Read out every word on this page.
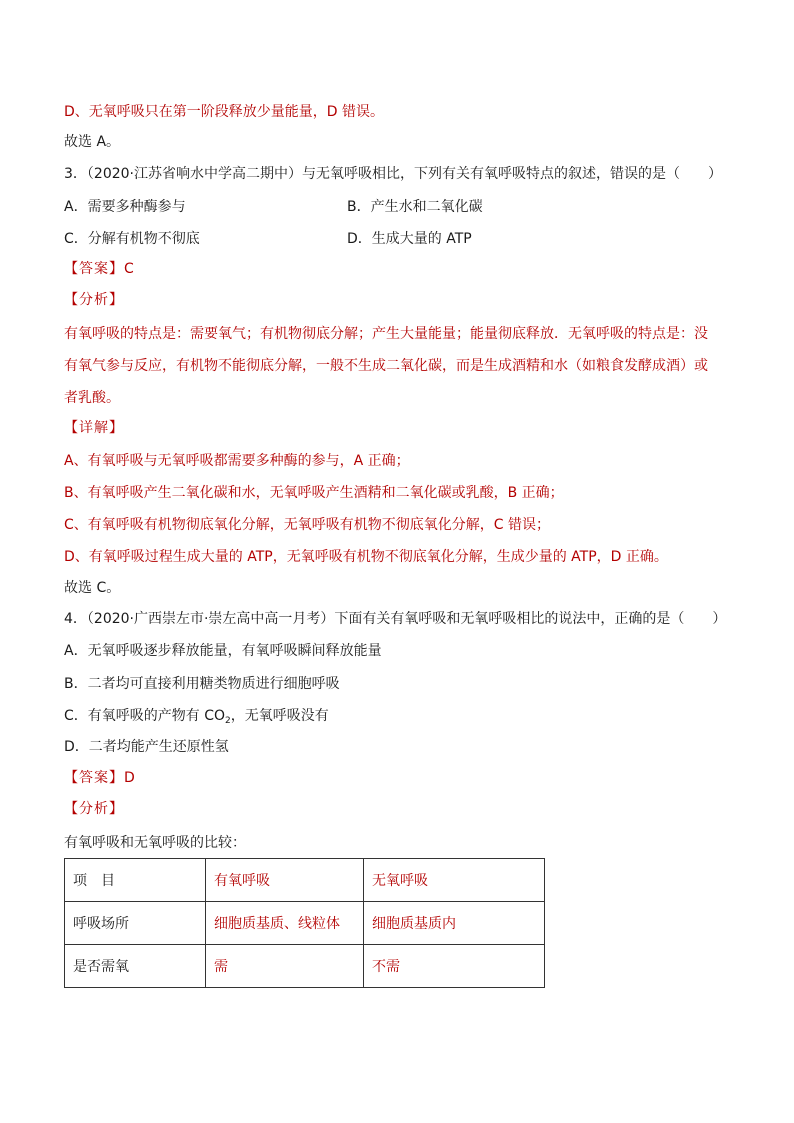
D、无氧呼吸只在第一阶段释放少量能量，D 错误。
故选 A。
3．（2020·江苏省响水中学高二期中）与无氧呼吸相比，下列有关有氧呼吸特点的叙述，错误的是（　　）
A．需要多种酶参与	B．产生水和二氧化碳
C．分解有机物不彻底	D．生成大量的 ATP
【答案】C
【分析】
有氧呼吸的特点是：需要氧气；有机物彻底分解；产生大量能量；能量彻底释放．无氧呼吸的特点是：没
有氧气参与反应，有机物不能彻底分解，一般不生成二氧化碳，而是生成酒精和水（如粮食发酵成酒）或
者乳酸。
【详解】
A、有氧呼吸与无氧呼吸都需要多种酶的参与，A 正确；
B、有氧呼吸产生二氧化碳和水，无氧呼吸产生酒精和二氧化碳或乳酸，B 正确；
C、有氧呼吸有机物彻底氧化分解，无氧呼吸有机物不彻底氧化分解，C 错误；
D、有氧呼吸过程生成大量的 ATP，无氧呼吸有机物不彻底氧化分解，生成少量的 ATP，D 正确。
故选 C。
4．（2020·广西崇左市·崇左高中高一月考）下面有关有氧呼吸和无氧呼吸相比的说法中，正确的是（　　）
A．无氧呼吸逐步释放能量，有氧呼吸瞬间释放能量
B．二者均可直接利用糖类物质进行细胞呼吸
C．有氧呼吸的产物有 $CO_2$，无氧呼吸没有
D．二者均能产生还原性氢
【答案】D
【分析】
有氧呼吸和无氧呼吸的比较：
项　目	有氧呼吸	无氧呼吸
呼吸场所	细胞质基质、线粒体	细胞质基质内
是否需氧	需	不需
